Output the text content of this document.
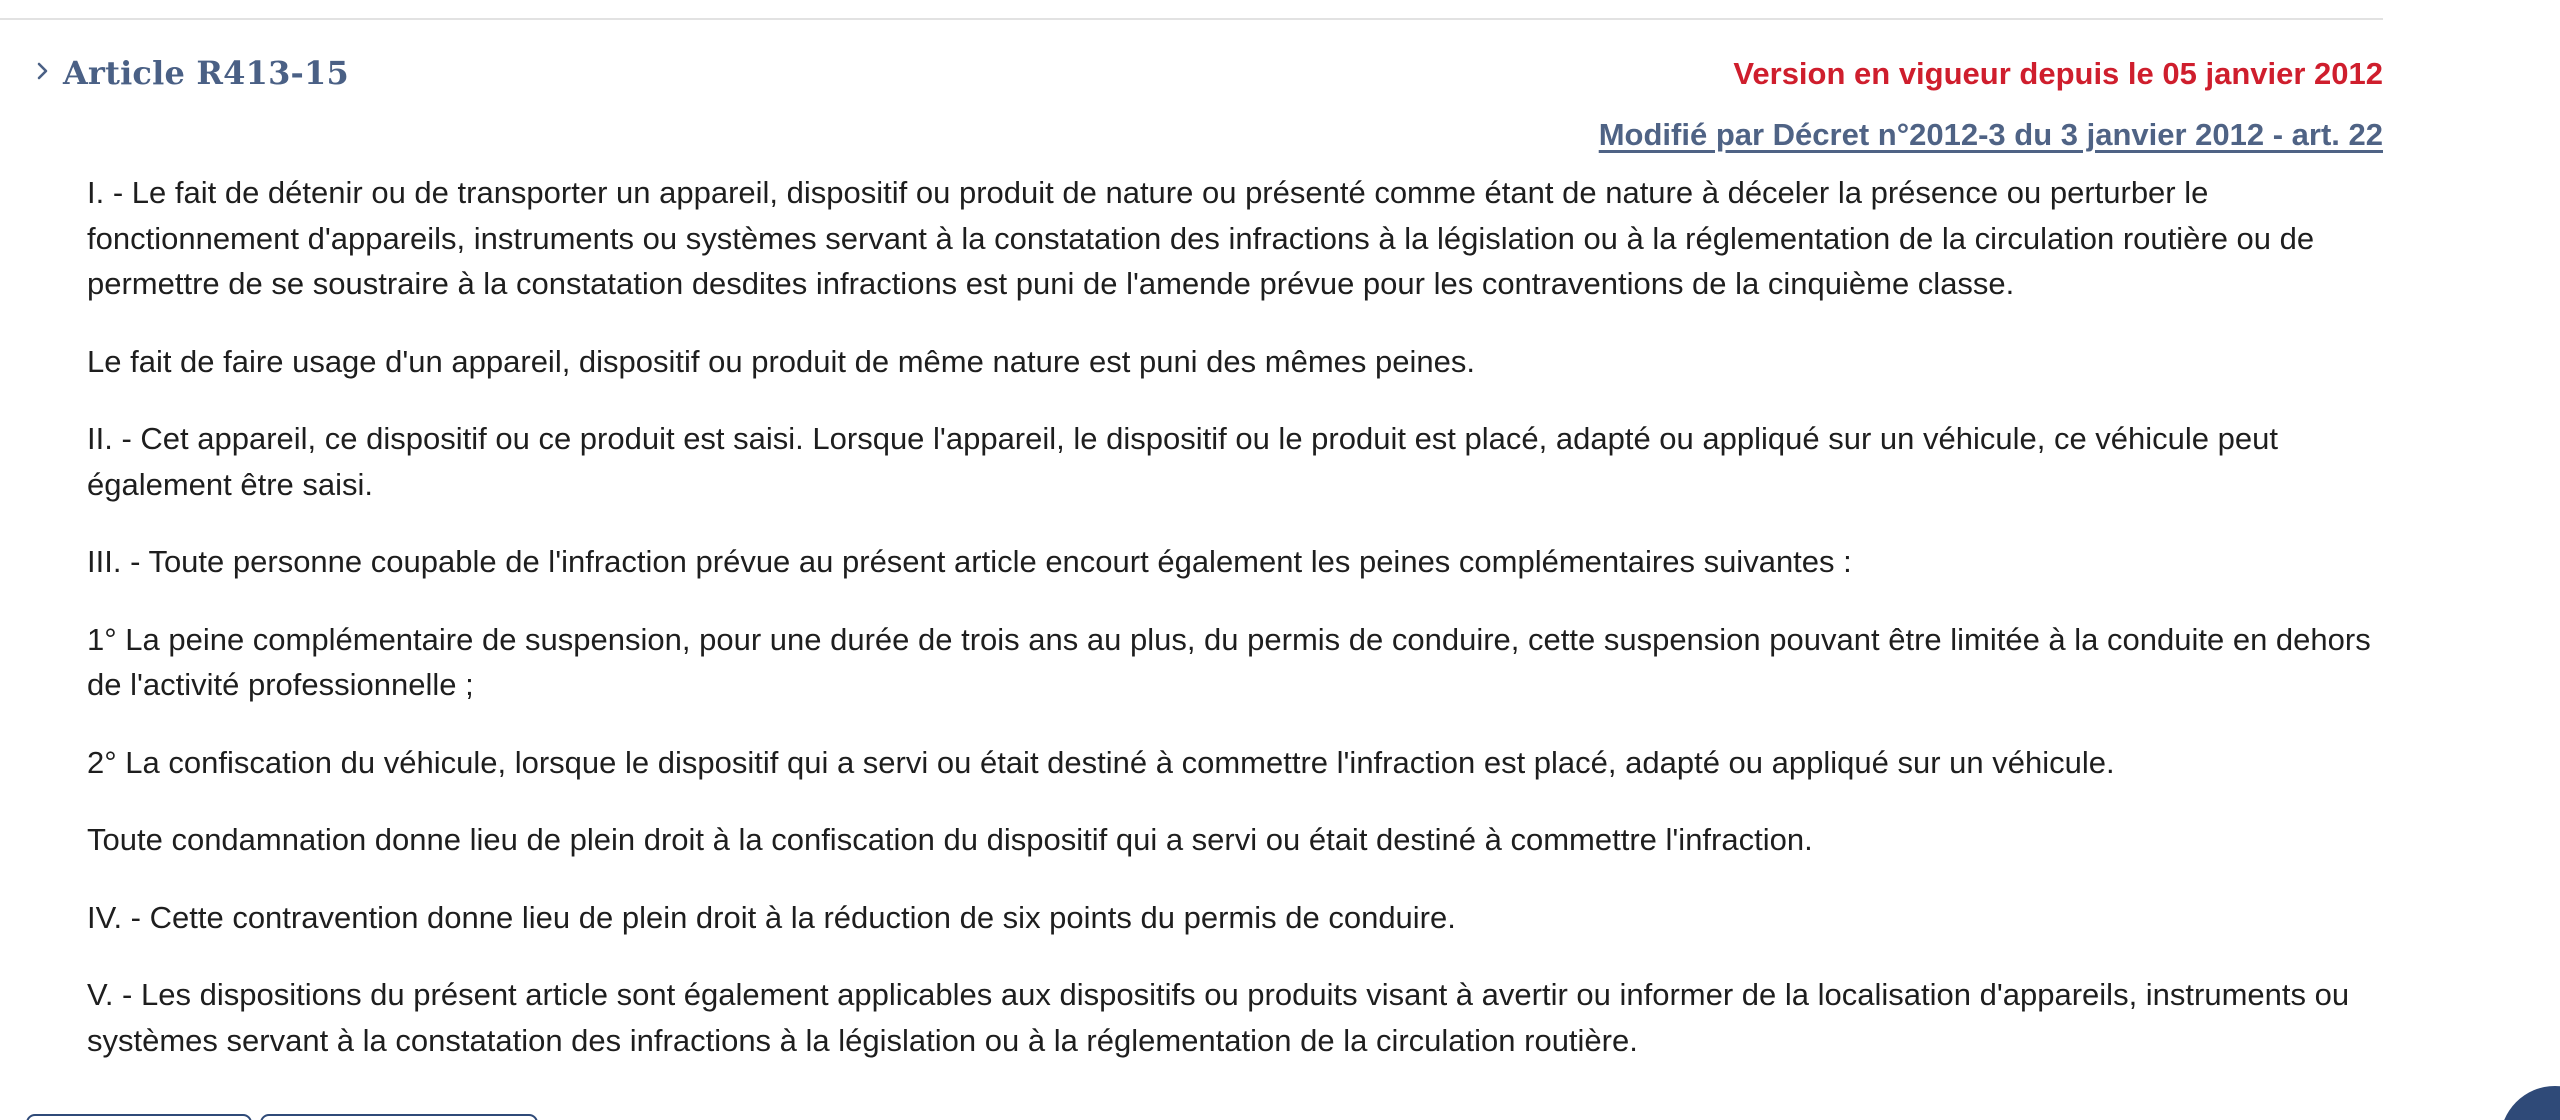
Article R413-15	Version en vigueur depuis le 05 janvier 2012
Modifié par Décret n°2012-3 du 3 janvier 2012 - art. 22

I. - Le fait de détenir ou de transporter un appareil, dispositif ou produit de nature ou présenté comme étant de nature à déceler la présence ou perturber le fonctionnement d'appareils, instruments ou systèmes servant à la constatation des infractions à la législation ou à la réglementation de la circulation routière ou de permettre de se soustraire à la constatation desdites infractions est puni de l'amende prévue pour les contraventions de la cinquième classe.

Le fait de faire usage d'un appareil, dispositif ou produit de même nature est puni des mêmes peines.

II. - Cet appareil, ce dispositif ou ce produit est saisi. Lorsque l'appareil, le dispositif ou le produit est placé, adapté ou appliqué sur un véhicule, ce véhicule peut également être saisi.

III. - Toute personne coupable de l'infraction prévue au présent article encourt également les peines complémentaires suivantes :

1° La peine complémentaire de suspension, pour une durée de trois ans au plus, du permis de conduire, cette suspension pouvant être limitée à la conduite en dehors de l'activité professionnelle ;

2° La confiscation du véhicule, lorsque le dispositif qui a servi ou était destiné à commettre l'infraction est placé, adapté ou appliqué sur un véhicule.

Toute condamnation donne lieu de plein droit à la confiscation du dispositif qui a servi ou était destiné à commettre l'infraction.

IV. - Cette contravention donne lieu de plein droit à la réduction de six points du permis de conduire.

V. - Les dispositions du présent article sont également applicables aux dispositifs ou produits visant à avertir ou informer de la localisation d'appareils, instruments ou systèmes servant à la constatation des infractions à la législation ou à la réglementation de la circulation routière.
